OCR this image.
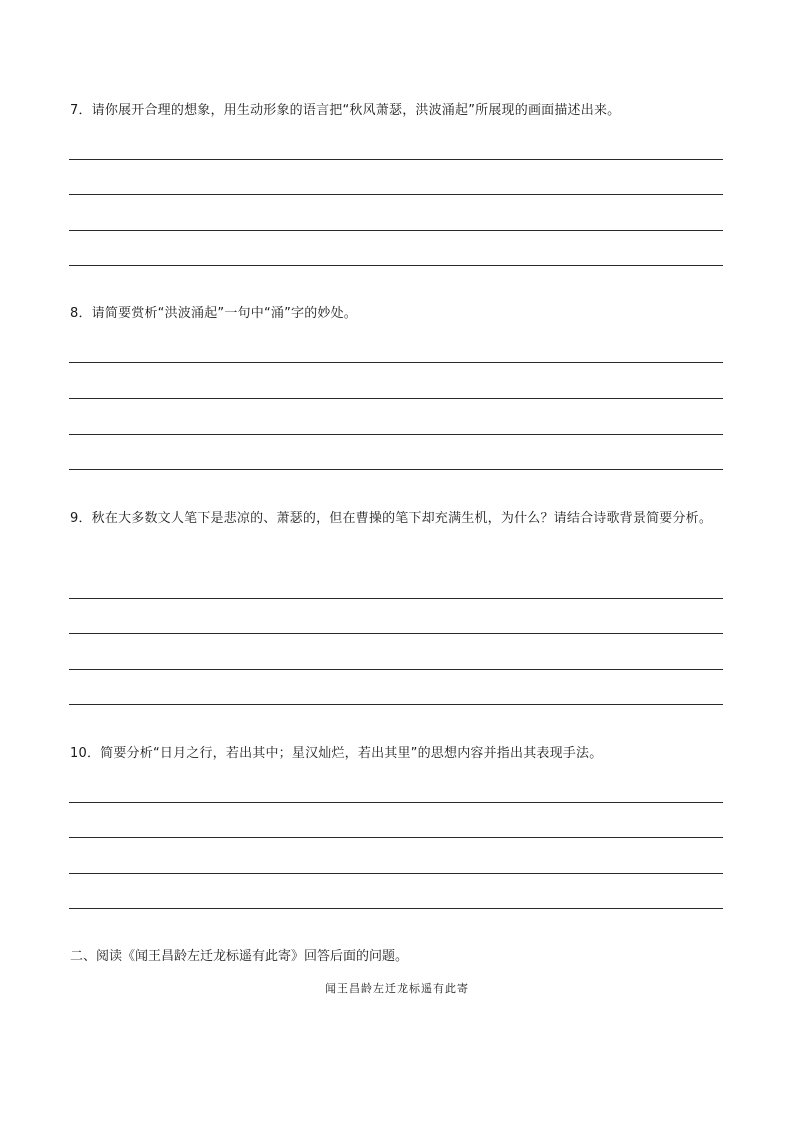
7．请你展开合理的想象，用生动形象的语言把“秋风萧瑟，洪波涌起”所展现的画面描述出来。

8．请简要赏析“洪波涌起”一句中“涌”字的妙处。

9．秋在大多数文人笔下是悲凉的、萧瑟的，但在曹操的笔下却充满生机，为什么？请结合诗歌背景简要分析。

10．简要分析“日月之行，若出其中；星汉灿烂，若出其里”的思想内容并指出其表现手法。

二、阅读《闻王昌龄左迁龙标遥有此寄》回答后面的问题。

闻王昌龄左迁龙标遥有此寄
